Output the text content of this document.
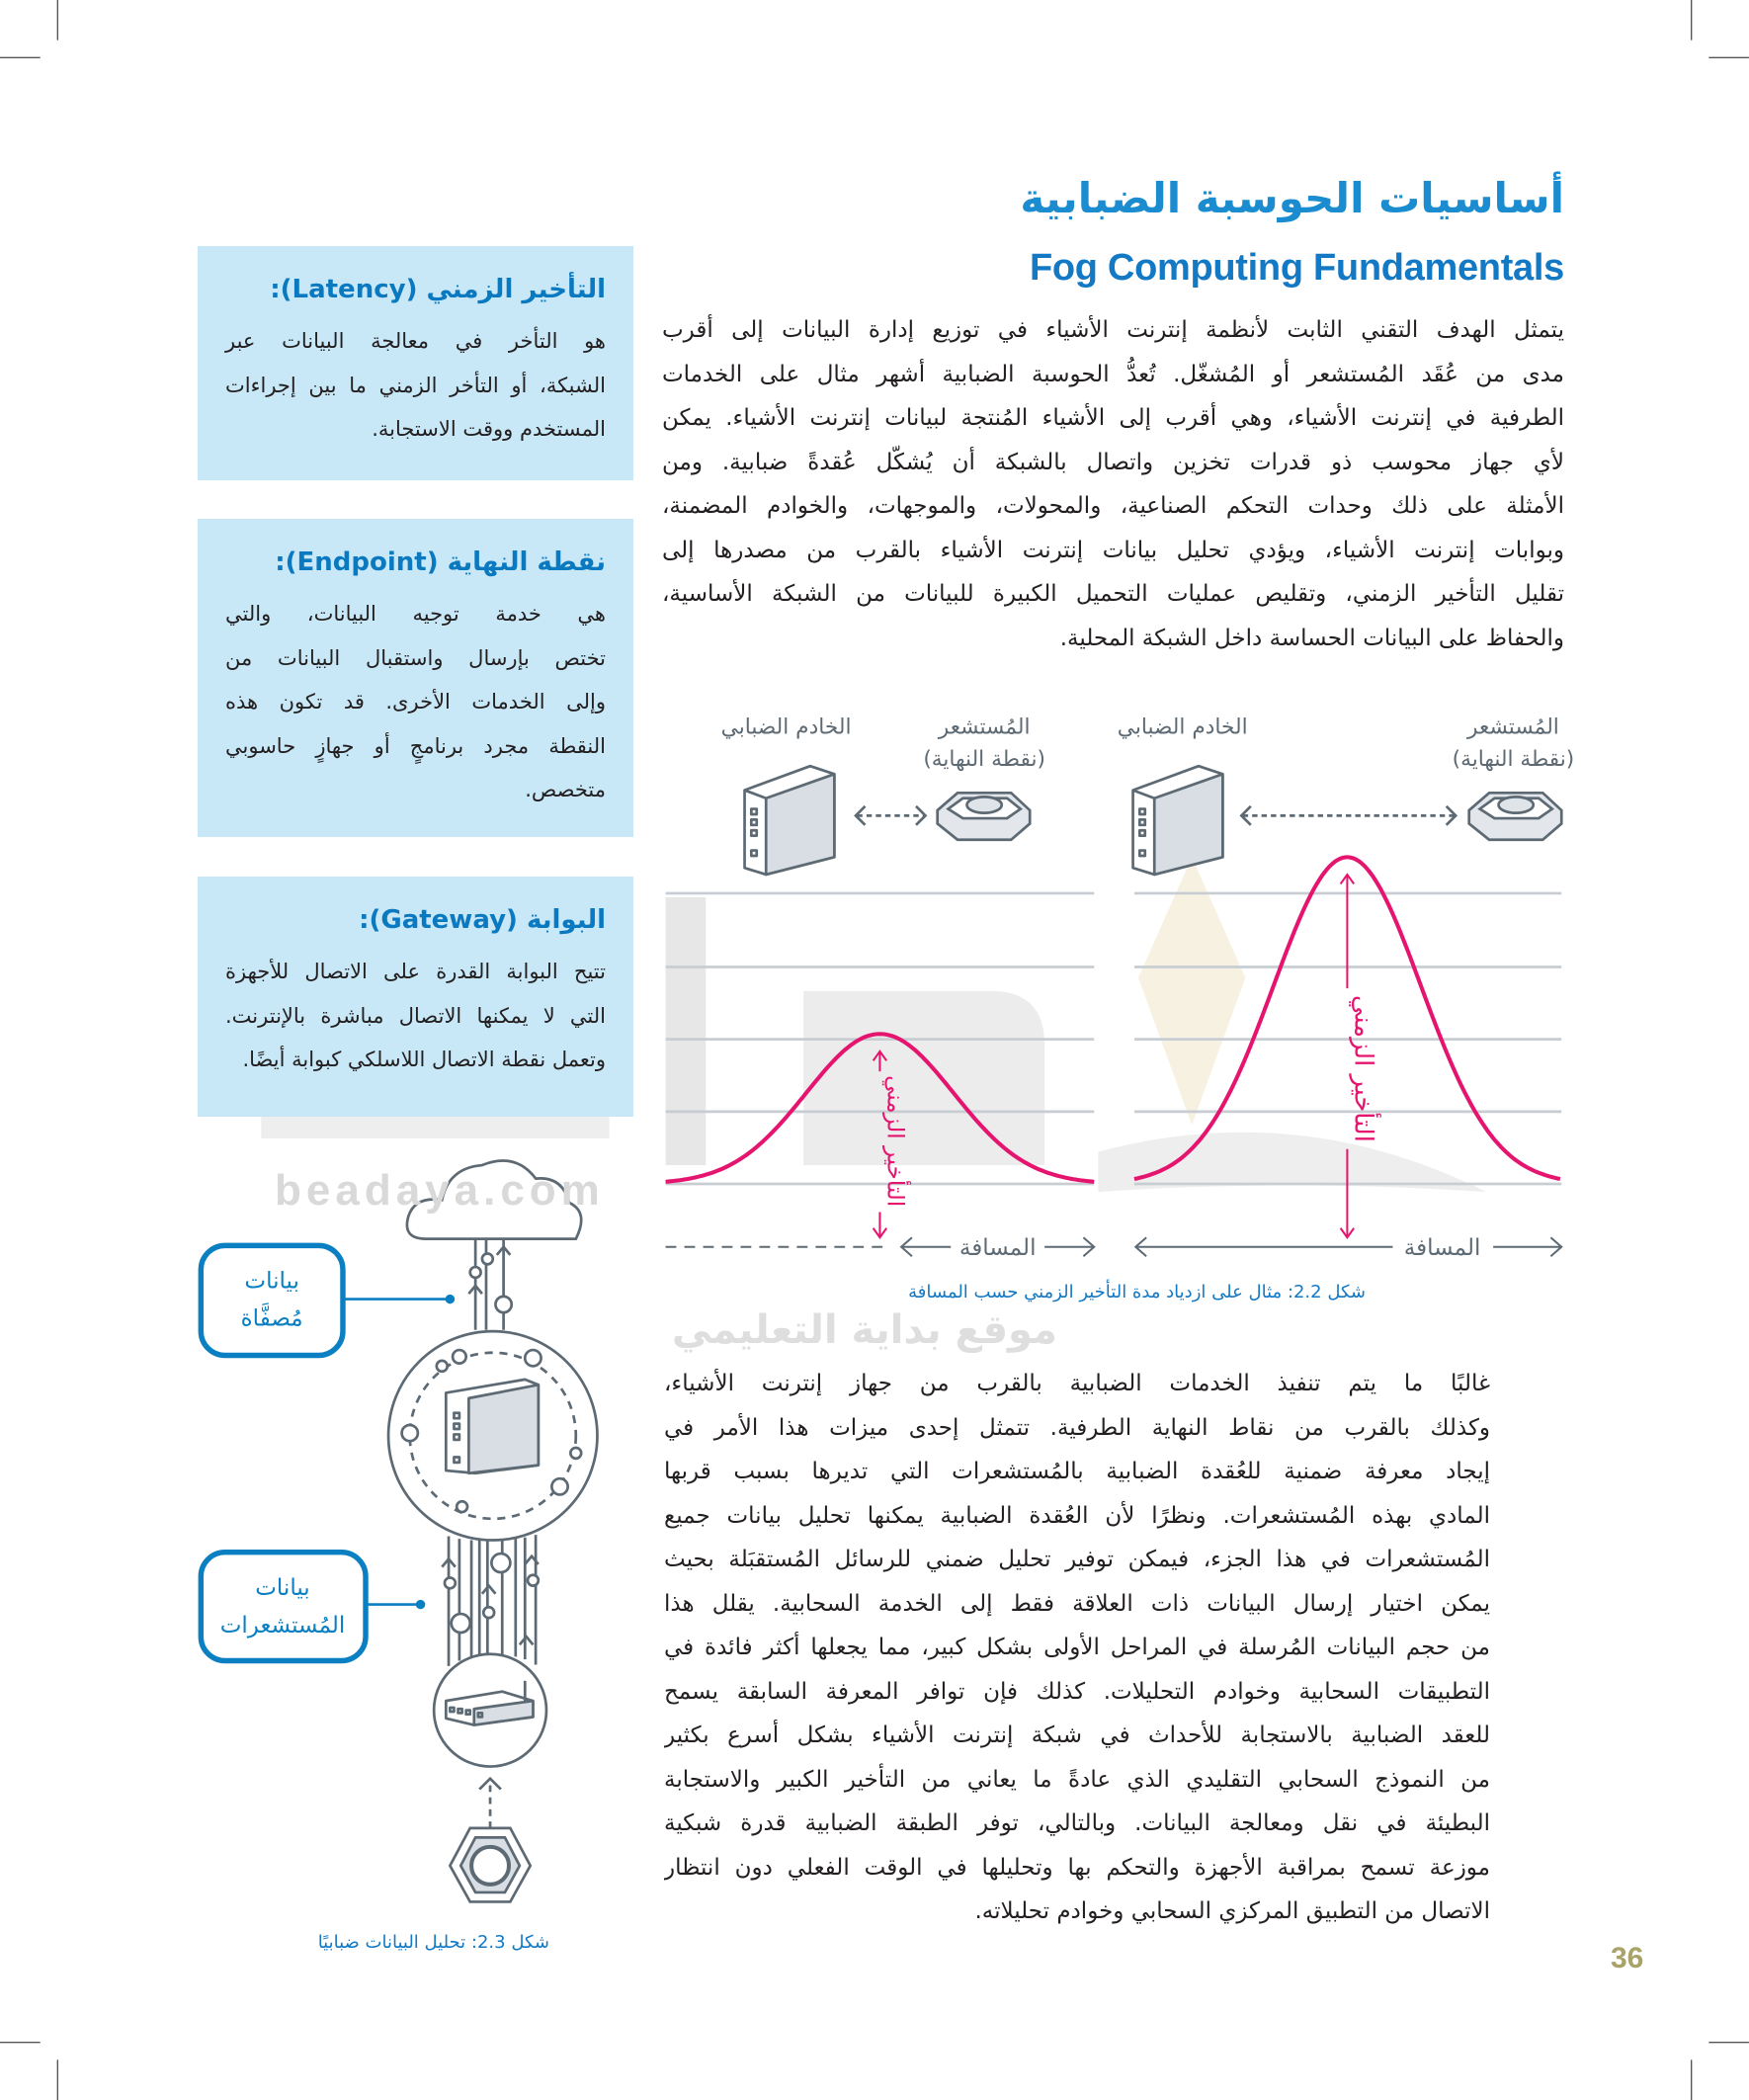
التأخير الزمني	التأخير الزمني
المسافة	المسافة
المُستشعر
(نقطة النهاية)
الخادم الضبابي	المُستشعر
(نقطة النهاية)
الخادم الضبابي
بيانات
مُصفَّاة
بيانات
المُستشعرات
beadaya.com
موقع بداية التعليمي
أساسيات الحوسبة الضبابية
Fog Computing Fundamentals
يتمثل الهدف التقني الثابت لأنظمة إنترنت الأشياء في توزيع إدارة البيانات إلى أقرب
مدى من عُقَد المُستشعر أو المُشغّل. تُعدُّ الحوسبة الضبابية أشهر مثال على الخدمات
الطرفية في إنترنت الأشياء، وهي أقرب إلى الأشياء المُنتجة لبيانات إنترنت الأشياء. يمكن
لأي جهاز محوسب ذو قدرات تخزين واتصال بالشبكة أن يُشكّل عُقدةً ضبابية. ومن
الأمثلة على ذلك وحدات التحكم الصناعية، والمحولات، والموجهات، والخوادم المضمنة،
وبوابات إنترنت الأشياء، ويؤدي تحليل بيانات إنترنت الأشياء بالقرب من مصدرها إلى
تقليل التأخير الزمني، وتقليص عمليات التحميل الكبيرة للبيانات من الشبكة الأساسية،
والحفاظ على البيانات الحساسة داخل الشبكة المحلية.
غالبًا ما يتم تنفيذ الخدمات الضبابية بالقرب من جهاز إنترنت الأشياء،
وكذلك بالقرب من نقاط النهاية الطرفية. تتمثل إحدى ميزات هذا الأمر في
إيجاد معرفة ضمنية للعُقدة الضبابية بالمُستشعرات التي تديرها بسبب قربها
المادي بهذه المُستشعرات. ونظرًا لأن العُقدة الضبابية يمكنها تحليل بيانات جميع
المُستشعرات في هذا الجزء، فيمكن توفير تحليل ضمني للرسائل المُستقبَلة بحيث
يمكن اختيار إرسال البيانات ذات العلاقة فقط إلى الخدمة السحابية. يقلل هذا
من حجم البيانات المُرسلة في المراحل الأولى بشكل كبير، مما يجعلها أكثر فائدة في
التطبيقات السحابية وخوادم التحليلات. كذلك فإن توافر المعرفة السابقة يسمح
للعقد الضبابية بالاستجابة للأحداث في شبكة إنترنت الأشياء بشكل أسرع بكثير
من النموذج السحابي التقليدي الذي عادةً ما يعاني من التأخير الكبير والاستجابة
البطيئة في نقل ومعالجة البيانات. وبالتالي، توفر الطبقة الضبابية قدرة شبكية
موزعة تسمح بمراقبة الأجهزة والتحكم بها وتحليلها في الوقت الفعلي دون انتظار
الاتصال من التطبيق المركزي السحابي وخوادم تحليلاته.
التأخير الزمني (Latency):
هو التأخر في معالجة البيانات عبر
الشبكة، أو التأخر الزمني ما بين إجراءات
المستخدم ووقت الاستجابة.
نقطة النهاية (Endpoint):
هي خدمة توجيه البيانات، والتي
تختص بإرسال واستقبال البيانات من
وإلى الخدمات الأخرى. قد تكون هذه
النقطة مجرد برنامجٍ أو جهازٍ حاسوبي
متخصص.
البوابة (Gateway):
تتيح البوابة القدرة على الاتصال للأجهزة
التي لا يمكنها الاتصال مباشرة بالإنترنت.
وتعمل نقطة الاتصال اللاسلكي كبوابة أيضًا.
شكل 2.2: مثال على ازدياد مدة التأخير الزمني حسب المسافة
شكل 2.3: تحليل البيانات ضبابيًا	36
